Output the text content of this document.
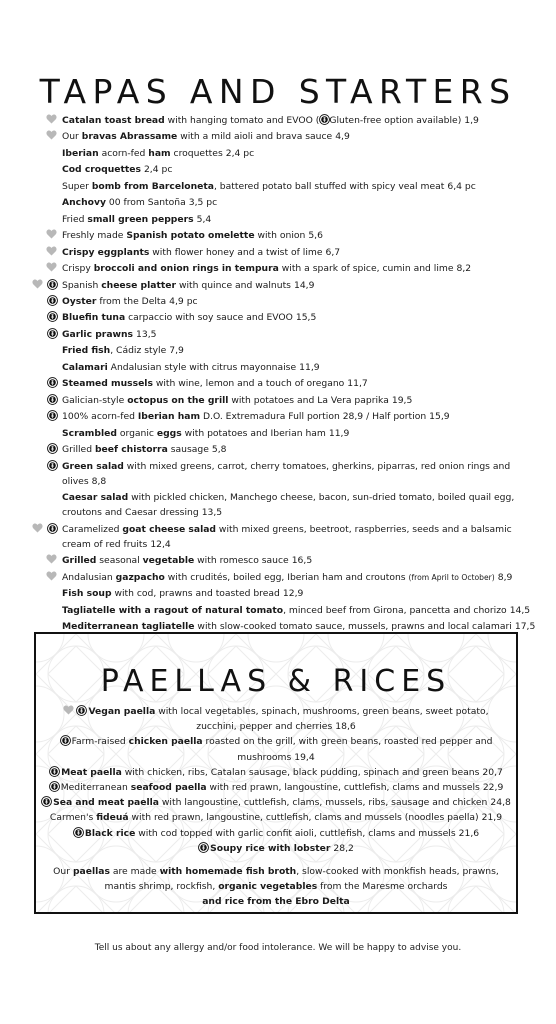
TAPAS AND STARTERS
Catalan toast bread with hanging tomato and EVOO ( Gluten-free option available) 1,9
Our bravas Abrassame with a mild aioli and brava sauce 4,9
Iberian acorn-fed ham croquettes 2,4 pc
Cod croquettes 2,4 pc
Super bomb from Barceloneta, battered potato ball stuffed with spicy veal meat 6,4 pc
Anchovy 00 from Santoña 3,5 pc
Fried small green peppers 5,4
Freshly made Spanish potato omelette with onion 5,6
Crispy eggplants with flower honey and a twist of lime 6,7
Crispy broccoli and onion rings in tempura with a spark of spice, cumin and lime 8,2
Spanish cheese platter with quince and walnuts 14,9
Oyster from the Delta 4,9 pc
Bluefin tuna carpaccio with soy sauce and EVOO 15,5
Garlic prawns 13,5
Fried fish, Cádiz style 7,9
Calamari Andalusian style with citrus mayonnaise 11,9
Steamed mussels with wine, lemon and a touch of oregano 11,7
Galician-style octopus on the grill with potatoes and La Vera paprika 19,5
100% acorn-fed Iberian ham D.O. Extremadura Full portion 28,9 / Half portion 15,9
Scrambled organic eggs with potatoes and Iberian ham 11,9
Grilled beef chistorra sausage 5,8
Green salad with mixed greens, carrot, cherry tomatoes, gherkins, piparras, red onion rings and olives 8,8
Caesar salad with pickled chicken, Manchego cheese, bacon, sun-dried tomato, boiled quail egg, croutons and Caesar dressing 13,5
Caramelized goat cheese salad with mixed greens, beetroot, raspberries, seeds and a balsamic cream of red fruits 12,4
Grilled seasonal vegetable with romesco sauce 16,5
Andalusian gazpacho with crudités, boiled egg, Iberian ham and croutons (from April to October) 8,9
Fish soup with cod, prawns and toasted bread 12,9
Tagliatelle with a ragout of natural tomato, minced beef from Girona, pancetta and chorizo 14,5
Mediterranean tagliatelle with slow-cooked tomato sauce, mussels, prawns and local calamari 17,5
PAELLAS & RICES
Vegan paella with local vegetables, spinach, mushrooms, green beans, sweet potato,
zucchini, pepper and cherries 18,6
Farm-raised chicken paella roasted on the grill, with green beans, roasted red pepper and
mushrooms 19,4
Meat paella with chicken, ribs, Catalan sausage, black pudding, spinach and green beans 20,7
Mediterranean seafood paella with red prawn, langoustine, cuttlefish, clams and mussels 22,9
Sea and meat paella with langoustine, cuttlefish, clams, mussels, ribs, sausage and chicken 24,8
Carmen's fideuá with red prawn, langoustine, cuttlefish, clams and mussels (noodles paella) 21,9
Black rice with cod topped with garlic confit aioli, cuttlefish, clams and mussels 21,6
Soupy rice with lobster 28,2
Our paellas are made with homemade fish broth, slow-cooked with monkfish heads, prawns,
mantis shrimp, rockfish, organic vegetables from the Maresme orchards
and rice from the Ebro Delta
Tell us about any allergy and/or food intolerance. We will be happy to advise you.
